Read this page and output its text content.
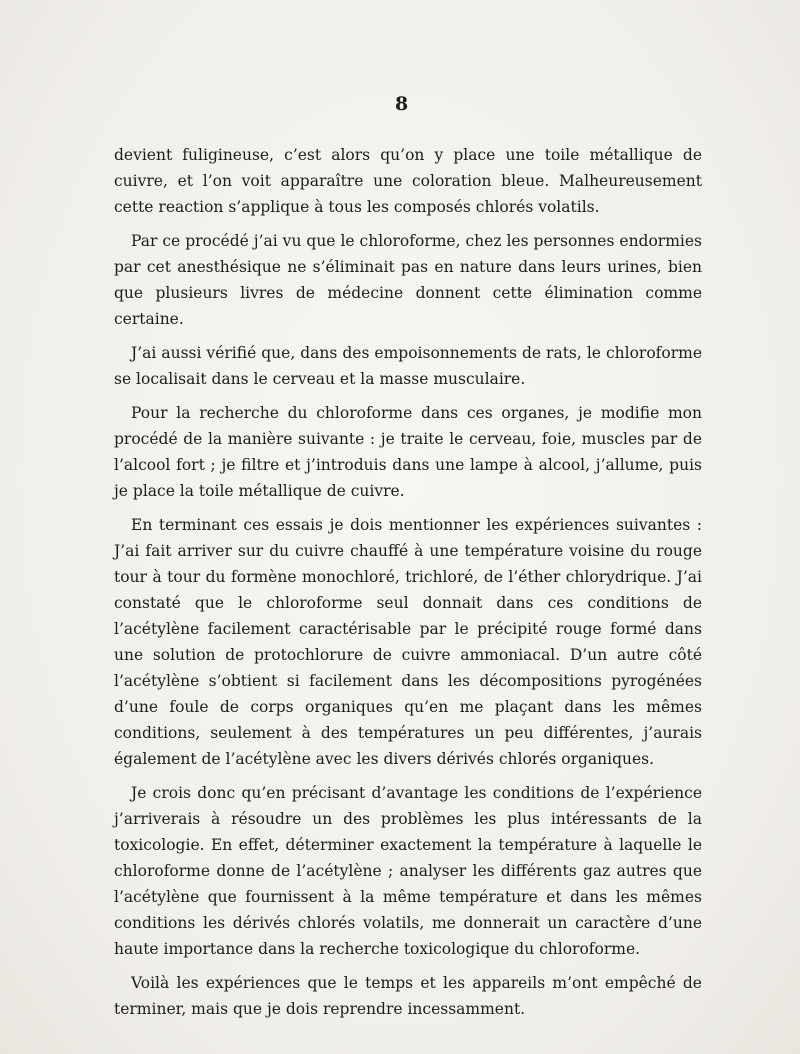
8

devient fuligineuse, c’est alors qu’on y place une toile métallique de cuivre, et l’on voit apparaître une coloration bleue. Malheureusement cette reaction s’applique à tous les composés chlorés volatils.

Par ce procédé j’ai vu que le chloroforme, chez les personnes endormies par cet anesthésique ne s’éliminait pas en nature dans leurs urines, bien que plusieurs livres de médecine donnent cette élimination comme certaine.

J’ai aussi vérifié que, dans des empoisonnements de rats, le chloroforme se localisait dans le cerveau et la masse musculaire.

Pour la recherche du chloroforme dans ces organes, je modifie mon procédé de la manière suivante : je traite le cerveau, foie, muscles par de l’alcool fort ; je filtre et j’introduis dans une lampe à alcool, j’allume, puis je place la toile métallique de cuivre.

En terminant ces essais je dois mentionner les expériences suivantes : J’ai fait arriver sur du cuivre chauffé à une température voisine du rouge tour à tour du formène monochloré, trichloré, de l’éther chlorydrique. J’ai constaté que le chloroforme seul donnait dans ces conditions de l’acétylène facilement caractérisable par le précipité rouge formé dans une solution de protochlorure de cuivre ammoniacal. D’un autre côté l’acétylène s’obtient si facilement dans les décompositions pyrogénées d’une foule de corps organiques qu’en me plaçant dans les mêmes conditions, seulement à des températures un peu différentes, j’aurais également de l’acétylène avec les divers dérivés chlorés organiques.

Je crois donc qu’en précisant d’avantage les conditions de l’expérience j’arriverais à résoudre un des problèmes les plus intéressants de la toxicologie. En effet, déterminer exactement la température à laquelle le chloroforme donne de l’acétylène ; analyser les différents gaz autres que l’acétylène que fournissent à la même température et dans les mêmes conditions les dérivés chlorés volatils, me donnerait un caractère d’une haute importance dans la recherche toxicologique du chloroforme.

Voilà les expériences que le temps et les appareils m’ont empêché de terminer, mais que je dois reprendre incessamment.
